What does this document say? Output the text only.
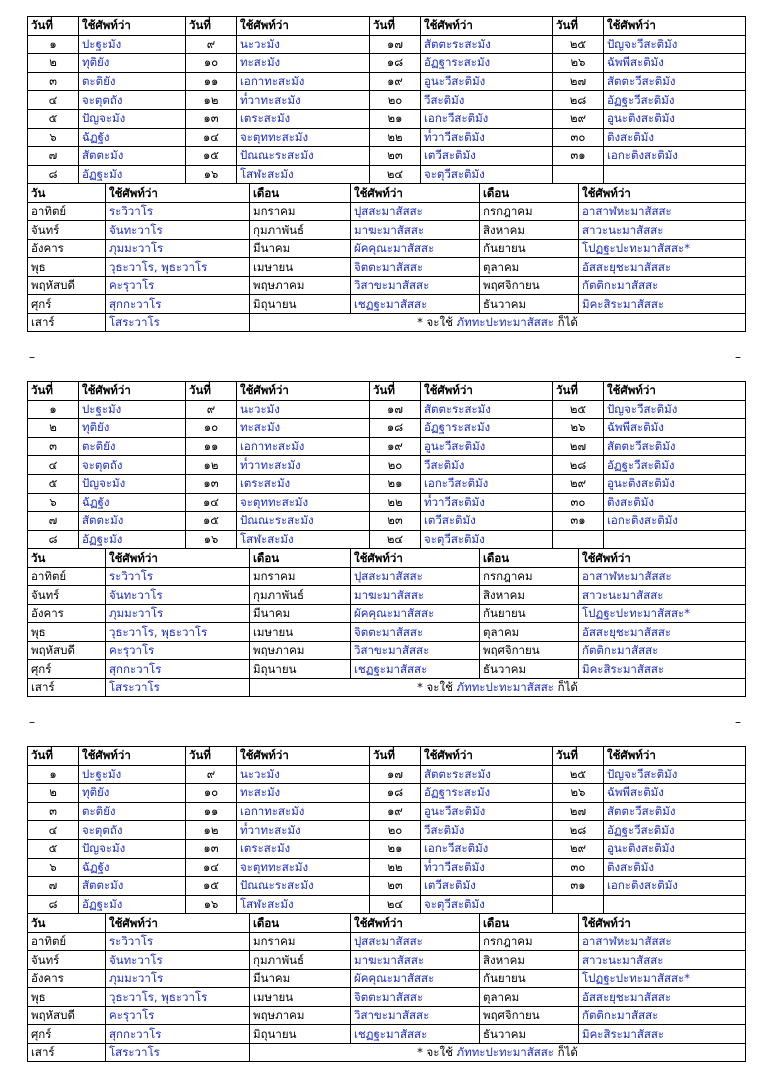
วันที่	ใช้ศัพท์ว่า	วันที่	ใช้ศัพท์ว่า	วันที่	ใช้ศัพท์ว่า	วันที่	ใช้ศัพท์ว่า
๑	ปะฐะมัง	๙	นะวะมัง	๑๗	สัตตะระสะมัง	๒๕	ปัญจะวีสะติมัง
๒	ทุติยัง	๑๐	ทะสะมัง	๑๘	อัฏฐาระสะมัง	๒๖	ฉัพพีสะติมัง
๓	ตะติยัง	๑๑	เอกาทะสะมัง	๑๙	อูนะวีสะติมัง	๒๗	สัตตะวีสะติมัง
๔	จะตุตถัง	๑๒	ท๎วาทะสะมัง	๒๐	วีสะติมัง	๒๘	อัฏฐะวีสะติมัง
๕	ปัญจะมัง	๑๓	เตระสะมัง	๒๑	เอกะวีสะติมัง	๒๙	อูนะติงสะติมัง
๖	ฉัฏฐัง	๑๔	จะตุททะสะมัง	๒๒	ท๎วาวีสะติมัง	๓๐	ติงสะติมัง
๗	สัตตะมัง	๑๕	ปัณณะระสะมัง	๒๓	เตวีสะติมัง	๓๑	เอกะติงสะติมัง
๘	อัฏฐะมัง	๑๖	โสฬะสะมัง	๒๔	จะตุวีสะติมัง		
วัน	ใช้ศัพท์ว่า	เดือน	ใช้ศัพท์ว่า	เดือน	ใช้ศัพท์ว่า
อาทิตย์	ระวิวาโร	มกราคม	ปุสสะมาสัสสะ	กรกฎาคม	อาสาฬหะมาสัสสะ
จันทร์	จันทะวาโร	กุมภาพันธ์	มาฆะมาสัสสะ	สิงหาคม	สาวะนะมาสัสสะ
อังคาร	ภุมมะวาโร	มีนาคม	ผัคคุณะมาสัสสะ	กันยายน	โปฏฐะปะทะมาสัสสะ*
พุธ	วุธะวาโร, พุธะวาโร	เมษายน	จิตตะมาสัสสะ	ตุลาคม	อัสสะยุชะมาสัสสะ
พฤหัสบดี	คะรุวาโร	พฤษภาคม	วิสาขะมาสัสสะ	พฤศจิกายน	กัตติกะมาสัสสะ
ศุกร์	สุกกะวาโร	มิถุนายน	เชฏฐะมาสัสสะ	ธันวาคม	มิคะสิระมาสัสสะ
เสาร์	โสระวาโร	* จะใช้ ภัททะปะทะมาสัสสะ ก็ได้			
วันที่	ใช้ศัพท์ว่า	วันที่	ใช้ศัพท์ว่า	วันที่	ใช้ศัพท์ว่า	วันที่	ใช้ศัพท์ว่า
๑	ปะฐะมัง	๙	นะวะมัง	๑๗	สัตตะระสะมัง	๒๕	ปัญจะวีสะติมัง
๒	ทุติยัง	๑๐	ทะสะมัง	๑๘	อัฏฐาระสะมัง	๒๖	ฉัพพีสะติมัง
๓	ตะติยัง	๑๑	เอกาทะสะมัง	๑๙	อูนะวีสะติมัง	๒๗	สัตตะวีสะติมัง
๔	จะตุตถัง	๑๒	ท๎วาทะสะมัง	๒๐	วีสะติมัง	๒๘	อัฏฐะวีสะติมัง
๕	ปัญจะมัง	๑๓	เตระสะมัง	๒๑	เอกะวีสะติมัง	๒๙	อูนะติงสะติมัง
๖	ฉัฏฐัง	๑๔	จะตุททะสะมัง	๒๒	ท๎วาวีสะติมัง	๓๐	ติงสะติมัง
๗	สัตตะมัง	๑๕	ปัณณะระสะมัง	๒๓	เตวีสะติมัง	๓๑	เอกะติงสะติมัง
๘	อัฏฐะมัง	๑๖	โสฬะสะมัง	๒๔	จะตุวีสะติมัง		
วัน	ใช้ศัพท์ว่า	เดือน	ใช้ศัพท์ว่า	เดือน	ใช้ศัพท์ว่า
อาทิตย์	ระวิวาโร	มกราคม	ปุสสะมาสัสสะ	กรกฎาคม	อาสาฬหะมาสัสสะ
จันทร์	จันทะวาโร	กุมภาพันธ์	มาฆะมาสัสสะ	สิงหาคม	สาวะนะมาสัสสะ
อังคาร	ภุมมะวาโร	มีนาคม	ผัคคุณะมาสัสสะ	กันยายน	โปฏฐะปะทะมาสัสสะ*
พุธ	วุธะวาโร, พุธะวาโร	เมษายน	จิตตะมาสัสสะ	ตุลาคม	อัสสะยุชะมาสัสสะ
พฤหัสบดี	คะรุวาโร	พฤษภาคม	วิสาขะมาสัสสะ	พฤศจิกายน	กัตติกะมาสัสสะ
ศุกร์	สุกกะวาโร	มิถุนายน	เชฏฐะมาสัสสะ	ธันวาคม	มิคะสิระมาสัสสะ
เสาร์	โสระวาโร	* จะใช้ ภัททะปะทะมาสัสสะ ก็ได้			
วันที่	ใช้ศัพท์ว่า	วันที่	ใช้ศัพท์ว่า	วันที่	ใช้ศัพท์ว่า	วันที่	ใช้ศัพท์ว่า
๑	ปะฐะมัง	๙	นะวะมัง	๑๗	สัตตะระสะมัง	๒๕	ปัญจะวีสะติมัง
๒	ทุติยัง	๑๐	ทะสะมัง	๑๘	อัฏฐาระสะมัง	๒๖	ฉัพพีสะติมัง
๓	ตะติยัง	๑๑	เอกาทะสะมัง	๑๙	อูนะวีสะติมัง	๒๗	สัตตะวีสะติมัง
๔	จะตุตถัง	๑๒	ท๎วาทะสะมัง	๒๐	วีสะติมัง	๒๘	อัฏฐะวีสะติมัง
๕	ปัญจะมัง	๑๓	เตระสะมัง	๒๑	เอกะวีสะติมัง	๒๙	อูนะติงสะติมัง
๖	ฉัฏฐัง	๑๔	จะตุททะสะมัง	๒๒	ท๎วาวีสะติมัง	๓๐	ติงสะติมัง
๗	สัตตะมัง	๑๕	ปัณณะระสะมัง	๒๓	เตวีสะติมัง	๓๑	เอกะติงสะติมัง
๘	อัฏฐะมัง	๑๖	โสฬะสะมัง	๒๔	จะตุวีสะติมัง		
วัน	ใช้ศัพท์ว่า	เดือน	ใช้ศัพท์ว่า	เดือน	ใช้ศัพท์ว่า
อาทิตย์	ระวิวาโร	มกราคม	ปุสสะมาสัสสะ	กรกฎาคม	อาสาฬหะมาสัสสะ
จันทร์	จันทะวาโร	กุมภาพันธ์	มาฆะมาสัสสะ	สิงหาคม	สาวะนะมาสัสสะ
อังคาร	ภุมมะวาโร	มีนาคม	ผัคคุณะมาสัสสะ	กันยายน	โปฏฐะปะทะมาสัสสะ*
พุธ	วุธะวาโร, พุธะวาโร	เมษายน	จิตตะมาสัสสะ	ตุลาคม	อัสสะยุชะมาสัสสะ
พฤหัสบดี	คะรุวาโร	พฤษภาคม	วิสาขะมาสัสสะ	พฤศจิกายน	กัตติกะมาสัสสะ
ศุกร์	สุกกะวาโร	มิถุนายน	เชฏฐะมาสัสสะ	ธันวาคม	มิคะสิระมาสัสสะ
เสาร์	โสระวาโร	* จะใช้ ภัททะปะทะมาสัสสะ ก็ได้			
–	–
–	–
